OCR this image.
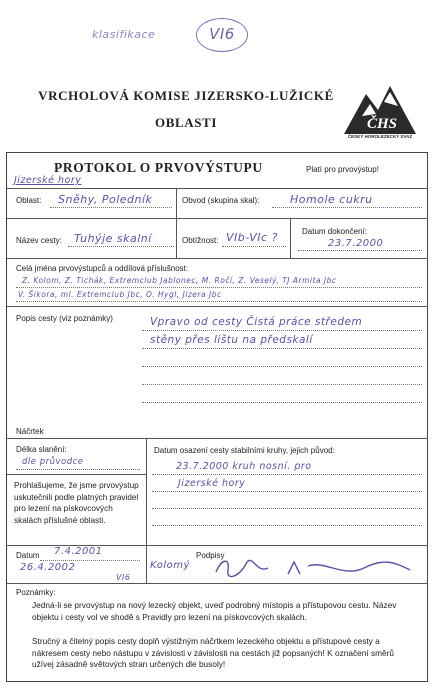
klasifikace	VI6
VRCHOLOVÁ KOMISE JIZERSKO-LUŽICKÉ
OBLASTI	ČHS
ČESKÝ HOROLEZECKÝ SVAZ
PROTOKOL O PRVOVÝSTUPU	Platí pro prvovýstup!
Jizerské hory
Oblast: Sněhy, Poledník	Obvod (skupina skal):	Homole cukru
Název cesty: Tuhýje skalní	Obtížnost: VIb-VIc ?	Datum dokončení:
23.7.2000
Celá jména prvovýstupců a oddílová příslušnost:
Z. Kolom, Z. Tichák, Extremclub Jablonec, M. Ročí, Z. Veselý, TJ Armita Jbc
V. Šikora, ml. Extremclub Jbc, O. Hygl, Jizera Jbc
Popis cesty (viz poznámky)	Vpravo od cesty Čistá práce středem
stěny přes lištu na předskalí
Náčrtek
Délka slanění:
dle průvodce
Prohlašujeme, že jsme prvovýstup uskutečnili podle platných pravidel pro lezení na pískovcových skalách příslušné oblasti.
Datum 7.4.2001
26.4.2002
Datum osazení cesty stabilními kruhy, jejich původ:
23.7.2000 kruh nosní. pro
Jizerské hory
Podpisy
Kolomý
VI6
Poznámky:
Jedná-li se prvovýstup na nový lezecký objekt, uveď podrobný místopis a přístupovou cestu. Název objektu i cesty vol ve shodě s Pravidly pro lezení na pískovcových skalách.
Stručný a čitelný popis cesty doplň výstižným náčrtkem lezeckého objektu a přístupové cesty a nákresem cesty nebo nástupu v závislosti v závislosti na cestách již popsaných! K označení směrů užívej zásadně světových stran určených dle busoly!
